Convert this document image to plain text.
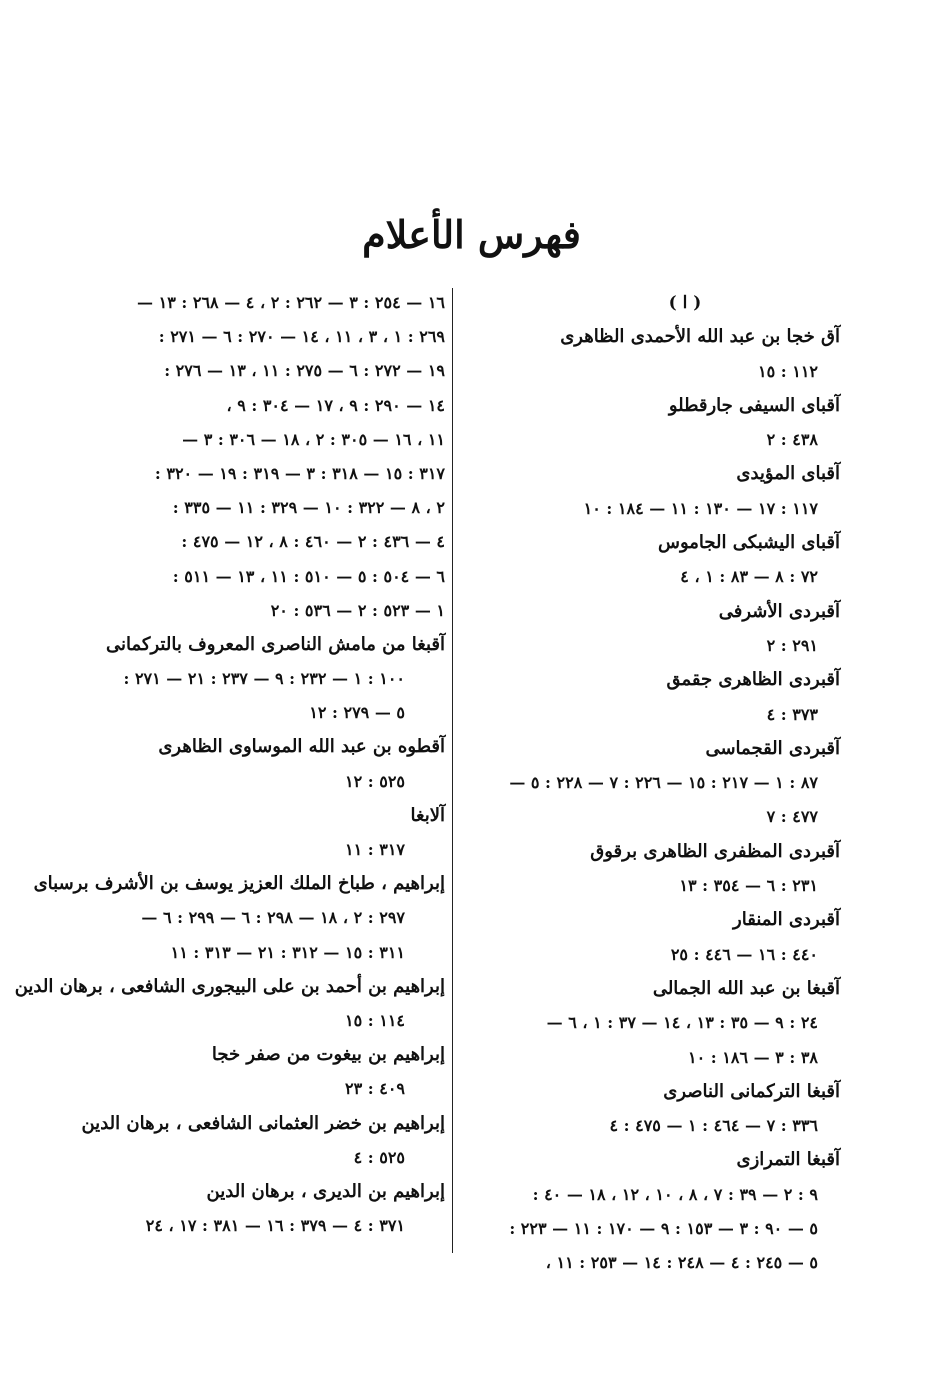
فهرس الأعلام
( ا )
آق خجا بن عبد الله الأحمدى الظاهرى
١١٢ : ١٥
آقباى السيفى جارقطلو
٤٣٨ : ٢
آقباى المؤيدى
١١٧ : ١٧ — ١٣٠ : ١١ — ١٨٤ : ١٠
آقباى اليشبكى الجاموس
٧٢ : ٨ — ٨٣ : ١ ، ٤
آقبردى الأشرفى
٢٩١ : ٢
آقبردى الظاهرى جقمق
٣٧٣ : ٤
آقبردى القجماسى
٨٧ : ١ — ٢١٧ : ١٥ — ٢٢٦ : ٧ — ٢٢٨ : ٥ —
٤٧٧ : ٧
آقبردى المظفرى الظاهرى برقوق
٢٣١ : ٦ — ٣٥٤ : ١٣
آقبردى المنقار
٤٤٠ : ١٦ — ٤٤٦ : ٢٥
آقبغا بن عبد الله الجمالى
٢٤ : ٩ — ٣٥ : ١٣ ، ١٤ — ٣٧ : ١ ، ٦ —
٣٨ : ٣ — ١٨٦ : ١٠
آقبغا التركمانى الناصرى
٣٣٦ : ٧ — ٤٦٤ : ١ — ٤٧٥ : ٤
آقبغا التمرازى
٩ : ٢ — ٣٩ : ٧ ، ٨ ، ١٠ ، ١٢ ، ١٨ — ٤٠ :
٥ — ٩٠ : ٣ — ١٥٣ : ٩ — ١٧٠ : ١١ — ٢٢٣ :
٥ — ٢٤٥ : ٤ — ٢٤٨ : ١٤ — ٢٥٣ : ١١ ،
١٦ — ٢٥٤ : ٣ — ٢٦٢ : ٢ ، ٤ — ٢٦٨ : ١٣ —
٢٦٩ : ١ ، ٣ ، ١١ ، ١٤ — ٢٧٠ : ٦ — ٢٧١ :
١٩ — ٢٧٢ : ٦ — ٢٧٥ : ١١ ، ١٣ — ٢٧٦ :
١٤ — ٢٩٠ : ٩ ، ١٧ — ٣٠٤ : ٩ ،
١١ ، ١٦ — ٣٠٥ : ٢ ، ١٨ — ٣٠٦ : ٣ —
٣١٧ : ١٥ — ٣١٨ : ٣ — ٣١٩ : ١٩ — ٣٢٠ :
٢ ، ٨ — ٣٢٢ : ١٠ — ٣٢٩ : ١١ — ٣٣٥ :
٤ — ٤٣٦ : ٢ — ٤٦٠ : ٨ ، ١٢ — ٤٧٥ :
٦ — ٥٠٤ : ٥ — ٥١٠ : ١١ ، ١٣ — ٥١١ :
١ — ٥٢٣ : ٢ — ٥٣٦ : ٢٠
آقبغا من مامش الناصرى المعروف بالتركمانى
١٠٠ : ١ — ٢٣٢ : ٩ — ٢٣٧ : ٢١ — ٢٧١ :
٥ — ٢٧٩ : ١٢
آقطوه بن عبد الله الموساوى الظاهرى
٥٢٥ : ١٢
آلابغا
٣١٧ : ١١
إبراهيم ، طباخ الملك العزيز يوسف بن الأشرف برسباى
٢٩٧ : ٢ ، ١٨ — ٢٩٨ : ٦ — ٢٩٩ : ٦ —
٣١١ : ١٥ — ٣١٢ : ٢١ — ٣١٣ : ١١
إبراهيم بن أحمد بن على البيجورى الشافعى ، برهان الدين
١١٤ : ١٥
إبراهيم بن بيغوت من صفر خجا
٤٠٩ : ٢٣
إبراهيم بن خضر العثمانى الشافعى ، برهان الدين
٥٢٥ : ٤
إبراهيم بن الديرى ، برهان الدين
٣٧١ : ٤ — ٣٧٩ : ١٦ — ٣٨١ : ١٧ ، ٢٤
